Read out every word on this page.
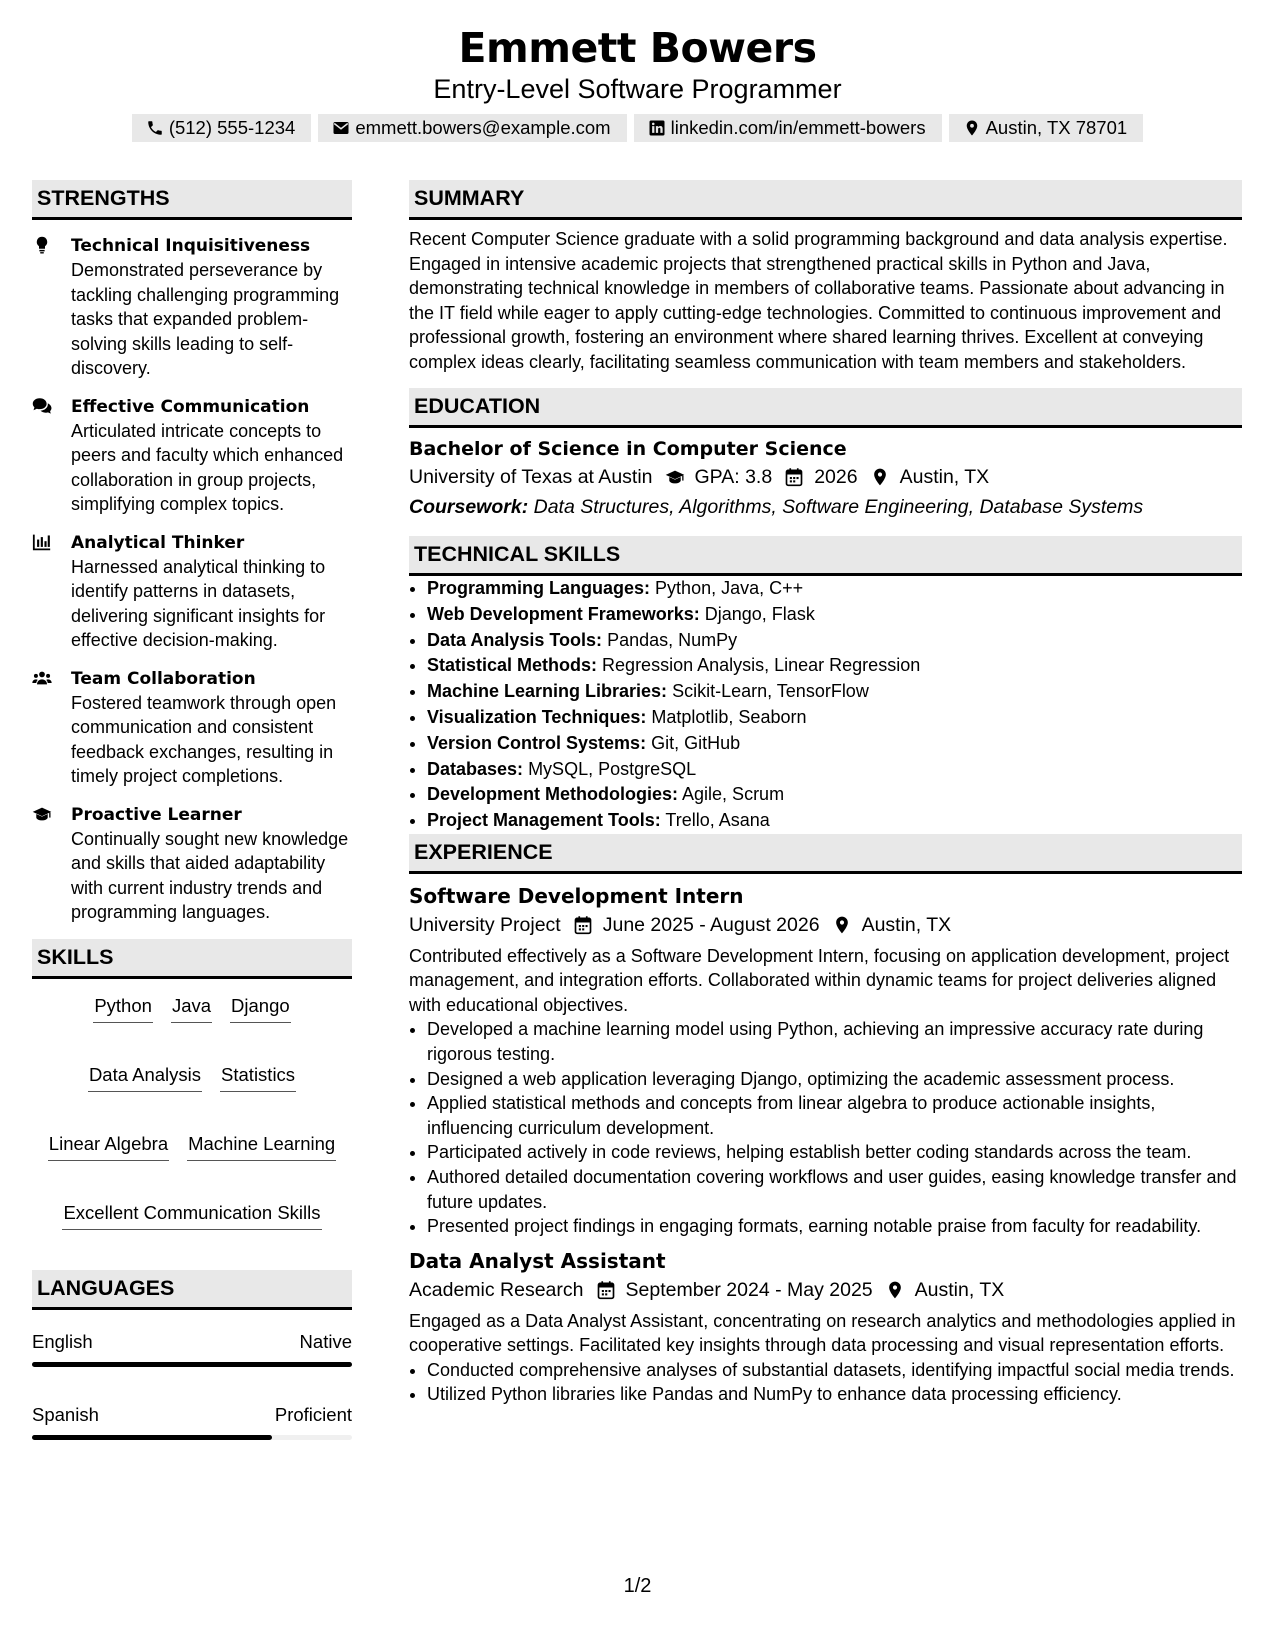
Emmett Bowers
Entry-Level Software Programmer
(512) 555-1234	emmett.bowers@example.com	linkedin.com/in/emmett-bowers	Austin, TX 78701
STRENGTHS
Technical Inquisitiveness
Demonstrated perseverance by tackling challenging programming tasks that expanded problem-solving skills leading to self-discovery.
Effective Communication
Articulated intricate concepts to peers and faculty which enhanced collaboration in group projects, simplifying complex topics.
Analytical Thinker
Harnessed analytical thinking to identify patterns in datasets, delivering significant insights for effective decision-making.
Team Collaboration
Fostered teamwork through open communication and consistent feedback exchanges, resulting in timely project completions.
Proactive Learner
Continually sought new knowledge and skills that aided adaptability with current industry trends and programming languages.
SKILLS
Python Java Django
Data Analysis Statistics
Linear Algebra Machine Learning
Excellent Communication Skills
LANGUAGES
English	Native
Spanish	Proficient
SUMMARY
Recent Computer Science graduate with a solid programming background and data analysis expertise. Engaged in intensive academic projects that strengthened practical skills in Python and Java, demonstrating technical knowledge in members of collaborative teams. Passionate about advancing in the IT field while eager to apply cutting-edge technologies. Committed to continuous improvement and professional growth, fostering an environment where shared learning thrives. Excellent at conveying complex ideas clearly, facilitating seamless communication with team members and stakeholders.
EDUCATION
Bachelor of Science in Computer Science
University of Texas at Austin GPA: 3.8 2026 Austin, TX
Coursework: Data Structures, Algorithms, Software Engineering, Database Systems
TECHNICAL SKILLS
• Programming Languages: Python, Java, C++
• Web Development Frameworks: Django, Flask
• Data Analysis Tools: Pandas, NumPy
• Statistical Methods: Regression Analysis, Linear Regression
• Machine Learning Libraries: Scikit-Learn, TensorFlow
• Visualization Techniques: Matplotlib, Seaborn
• Version Control Systems: Git, GitHub
• Databases: MySQL, PostgreSQL
• Development Methodologies: Agile, Scrum
• Project Management Tools: Trello, Asana
EXPERIENCE
Software Development Intern
University Project June 2025 - August 2026 Austin, TX
Contributed effectively as a Software Development Intern, focusing on application development, project management, and integration efforts. Collaborated within dynamic teams for project deliveries aligned with educational objectives.
• Developed a machine learning model using Python, achieving an impressive accuracy rate during rigorous testing.
• Designed a web application leveraging Django, optimizing the academic assessment process.
• Applied statistical methods and concepts from linear algebra to produce actionable insights, influencing curriculum development.
• Participated actively in code reviews, helping establish better coding standards across the team.
• Authored detailed documentation covering workflows and user guides, easing knowledge transfer and future updates.
• Presented project findings in engaging formats, earning notable praise from faculty for readability.
Data Analyst Assistant
Academic Research September 2024 - May 2025 Austin, TX
Engaged as a Data Analyst Assistant, concentrating on research analytics and methodologies applied in cooperative settings. Facilitated key insights through data processing and visual representation efforts.
• Conducted comprehensive analyses of substantial datasets, identifying impactful social media trends.
• Utilized Python libraries like Pandas and NumPy to enhance data processing efficiency.
1/2
